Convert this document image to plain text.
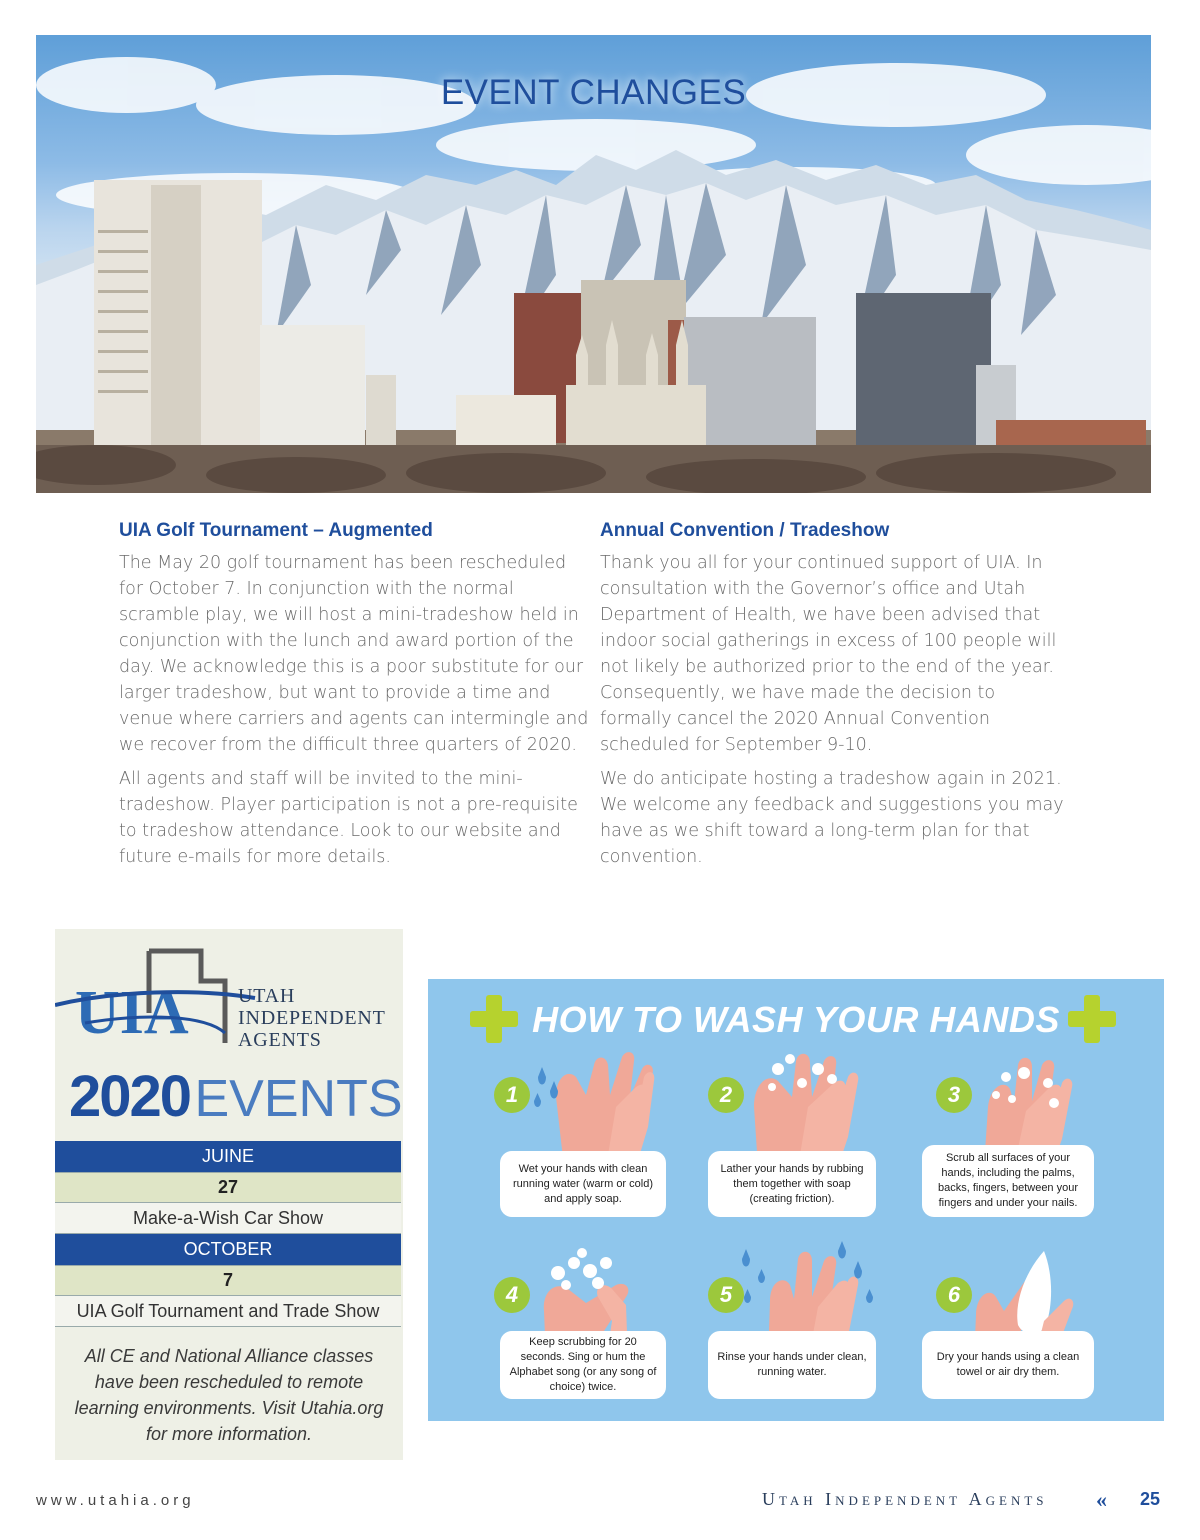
EVENT CHANGES
UIA Golf Tournament – Augmented

The May 20 golf tournament has been rescheduled for October 7. In conjunction with the normal scramble play, we will host a mini-tradeshow held in conjunction with the lunch and award portion of the day. We acknowledge this is a poor substitute for our larger tradeshow, but want to provide a time and venue where carriers and agents can intermingle and we recover from the difficult three quarters of 2020.

All agents and staff will be invited to the mini-tradeshow. Player participation is not a pre-requisite to tradeshow attendance. Look to our website and future e-mails for more details.

Annual Convention / Tradeshow

Thank you all for your continued support of UIA. In consultation with the Governor’s office and Utah Department of Health, we have been advised that indoor social gatherings in excess of 100 people will not likely be authorized prior to the end of the year. Consequently, we have made the decision to formally cancel the 2020 Annual Convention scheduled for September 9-10.

We do anticipate hosting a tradeshow again in 2021. We welcome any feedback and suggestions you may have as we shift toward a long-term plan for that convention.

UIA UTAH
INDEPENDENT
AGENTS
2020 EVENTS
JUINE
27
Make-a-Wish Car Show
OCTOBER
7
UIA Golf Tournament and Trade Show
All CE and National Alliance classes have been rescheduled to remote learning environments. Visit Utahia.org for more information.
HOW TO WASH YOUR HANDS
1
Wet your hands with clean running water (warm or cold) and apply soap.
2
Lather your hands by rubbing them together with soap (creating friction).
3
Scrub all surfaces of your hands, including the palms, backs, fingers, between your fingers and under your nails.
4
Keep scrubbing for 20 seconds. Sing or hum the Alphabet song (or any song of choice) twice.
5
Rinse your hands under clean, running water.
6
Dry your hands using a clean towel or air dry them.
www.utahia.org	Utah Independent Agents « 25
